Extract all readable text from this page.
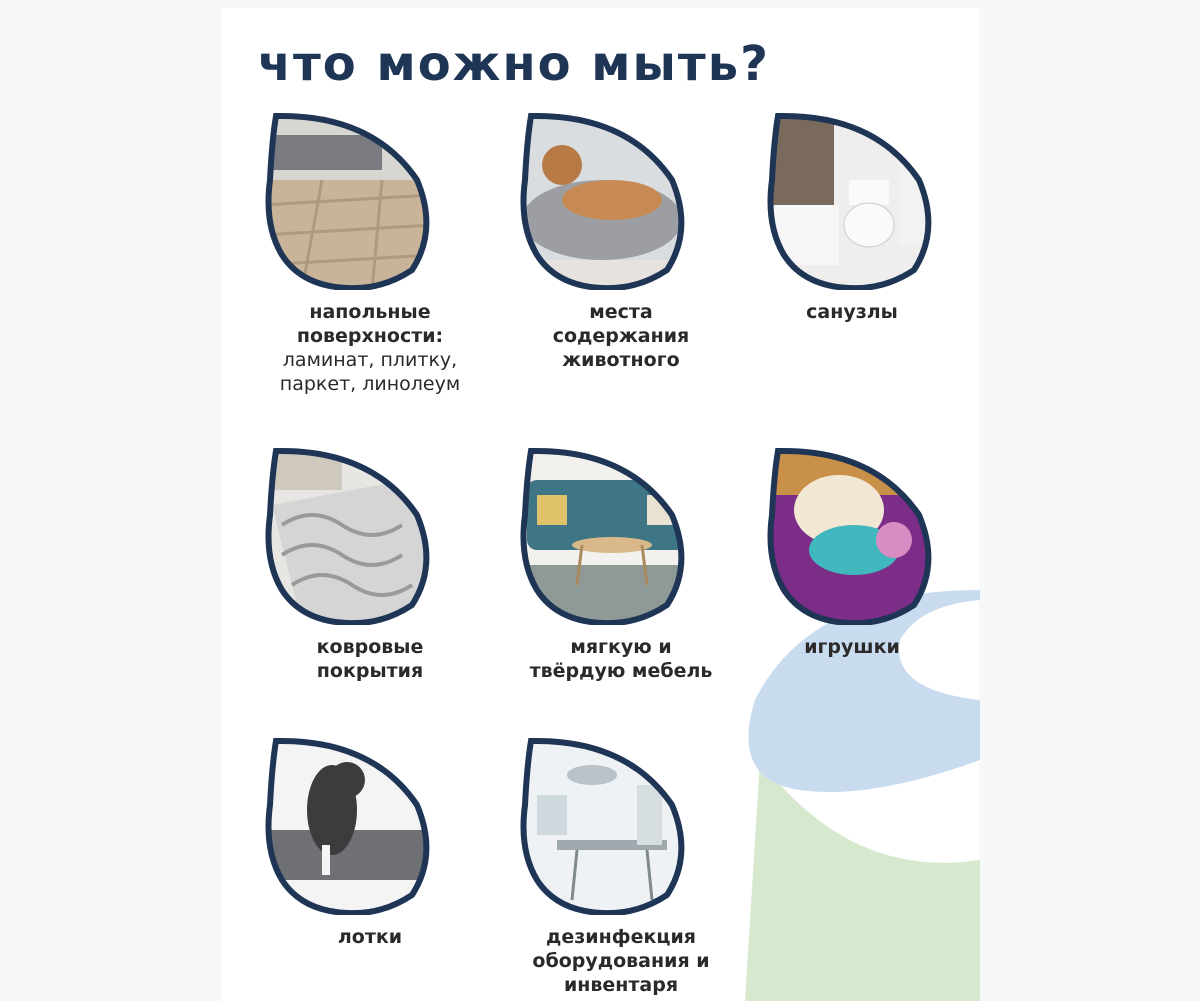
что можно мыть?
напольные
поверхности:
ламинат, плитку,
паркет, линолеум
места
содержания
животного
санузлы
ковровые
покрытия
мягкую и
твёрдую мебель
игрушки
лотки	дезинфекция
оборудования и
инвентаря
